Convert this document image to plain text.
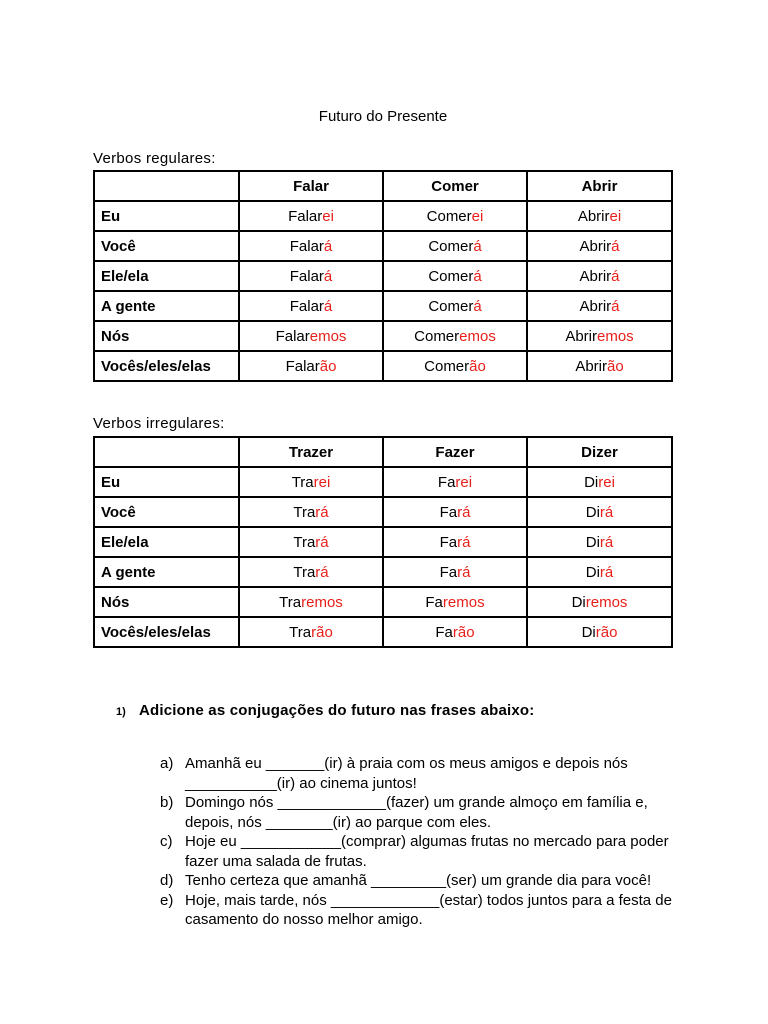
Futuro do Presente
Verbos regulares:
	Falar	Comer	Abrir
Eu	Falarei	Comerei	Abrirei
Você	Falará	Comerá	Abrirá
Ele/ela	Falará	Comerá	Abrirá
A gente	Falará	Comerá	Abrirá
Nós	Falaremos	Comeremos	Abriremos
Vocês/eles/elas	Falarão	Comerão	Abrirão
Verbos irregulares:
	Trazer	Fazer	Dizer
Eu	Trarei	Farei	Direi
Você	Trará	Fará	Dirá
Ele/ela	Trará	Fará	Dirá
A gente	Trará	Fará	Dirá
Nós	Traremos	Faremos	Diremos
Vocês/eles/elas	Trarão	Farão	Dirão
1) Adicione as conjugações do futuro nas frases abaixo:
a) Amanhã eu _______(ir) à praia com os meus amigos e depois nós ___________(ir) ao cinema juntos!
b) Domingo nós _____________(fazer) um grande almoço em família e, depois, nós ________(ir) ao parque com eles.
c) Hoje eu ____________(comprar) algumas frutas no mercado para poder fazer uma salada de frutas.
d) Tenho certeza que amanhã _________(ser) um grande dia para você!
e) Hoje, mais tarde, nós _____________(estar) todos juntos para a festa de casamento do nosso melhor amigo.
